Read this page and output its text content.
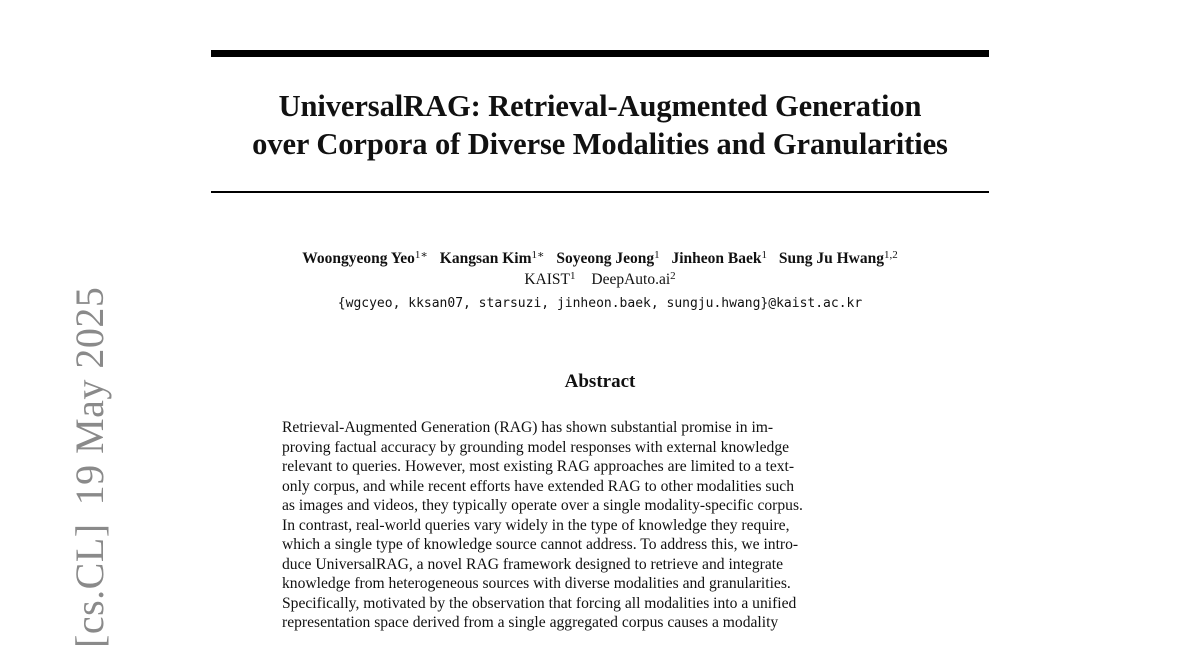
[cs.CL]19 May 2025
UniversalRAG: Retrieval-Augmented Generation
over Corpora of Diverse Modalities and Granularities
Woongyeong Yeo$^{1∗}$ Kangsan Kim$^{1∗}$ Soyeong Jeong$^1$ Jinheon Baek$^1$ Sung Ju Hwang$^{1,2}$
KAIST$^1$ $DeepAuto.ai^2$
{wgcyeo, kksan07, starsuzi, jinheon.baek, sungju.hwang}@kaist.ac.kr
Abstract
Retrieval-Augmented Generation (RAG) has shown substantial promise in im-
proving factual accuracy by grounding model responses with external knowledge
relevant to queries. However, most existing RAG approaches are limited to a text-
only corpus, and while recent efforts have extended RAG to other modalities such
as images and videos, they typically operate over a single modality-specific corpus.
In contrast, real-world queries vary widely in the type of knowledge they require,
which a single type of knowledge source cannot address. To address this, we intro-
duce UniversalRAG, a novel RAG framework designed to retrieve and integrate
knowledge from heterogeneous sources with diverse modalities and granularities.
Specifically, motivated by the observation that forcing all modalities into a unified
representation space derived from a single aggregated corpus causes a modality
